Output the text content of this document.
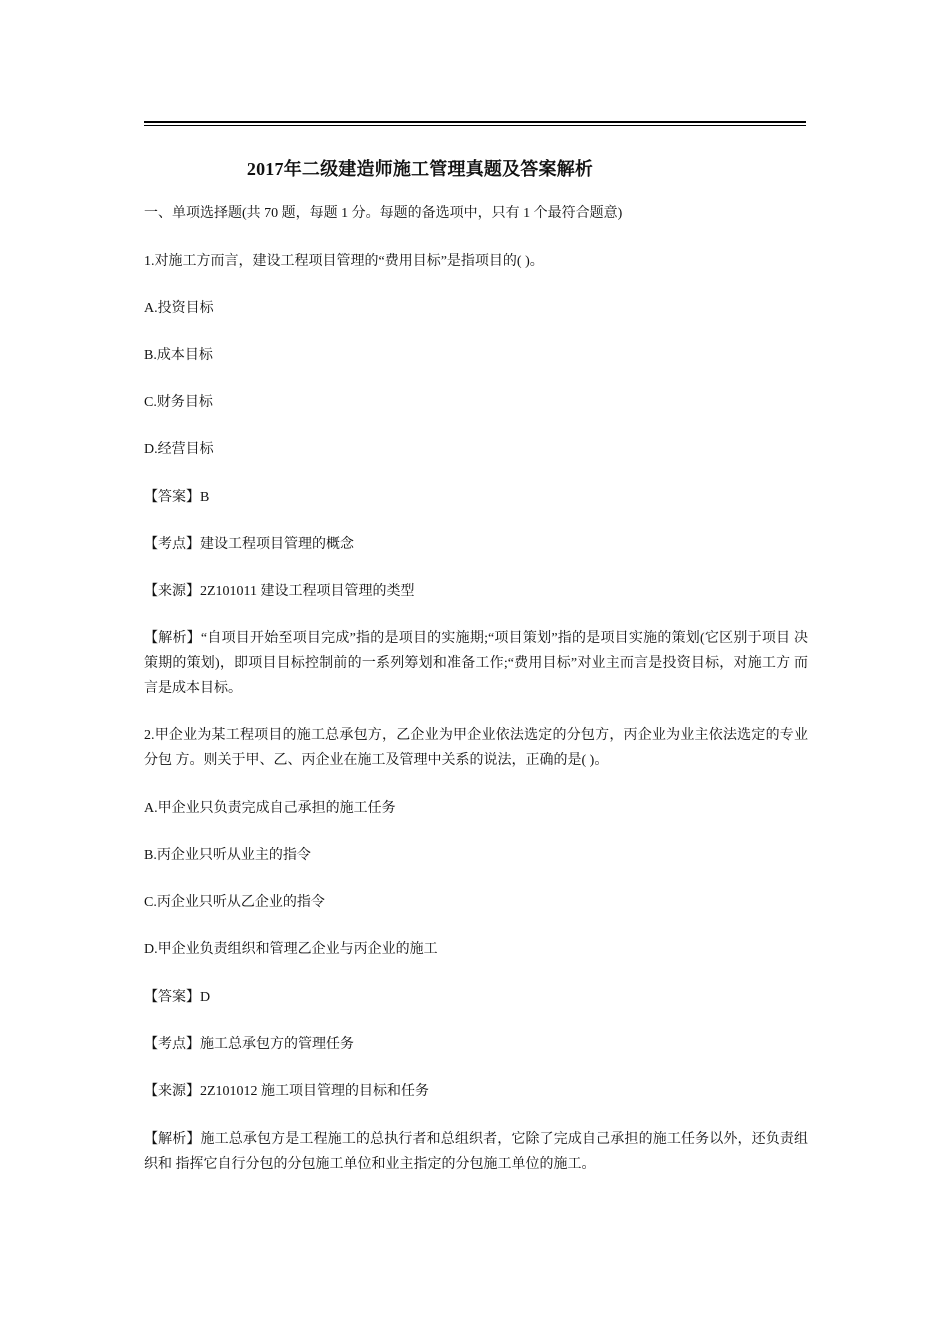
2017年二级建造师施工管理真题及答案解析
一、单项选择题(共 70 题，每题 1 分。每题的备选项中，只有 1 个最符合题意)
1.对施工方而言，建设工程项目管理的“费用目标”是指项目的( )。
A.投资目标
B.成本目标
C.财务目标
D.经营目标
【答案】B
【考点】建设工程项目管理的概念
【来源】2Z101011 建设工程项目管理的类型
【解析】“自项目开始至项目完成”指的是项目的实施期;“项目策划”指的是项目实施的策划(它区别于项目 决策期的策划)，即项目目标控制前的一系列筹划和准备工作;“费用目标”对业主而言是投资目标，对施工方 而言是成本目标。
2.甲企业为某工程项目的施工总承包方，乙企业为甲企业依法选定的分包方，丙企业为业主依法选定的专业分包 方。则关于甲、乙、丙企业在施工及管理中关系的说法，正确的是( )。
A.甲企业只负责完成自己承担的施工任务
B.丙企业只听从业主的指令
C.丙企业只听从乙企业的指令
D.甲企业负责组织和管理乙企业与丙企业的施工
【答案】D
【考点】施工总承包方的管理任务
【来源】2Z101012 施工项目管理的目标和任务
【解析】施工总承包方是工程施工的总执行者和总组织者，它除了完成自己承担的施工任务以外，还负责组织和 指挥它自行分包的分包施工单位和业主指定的分包施工单位的施工。
